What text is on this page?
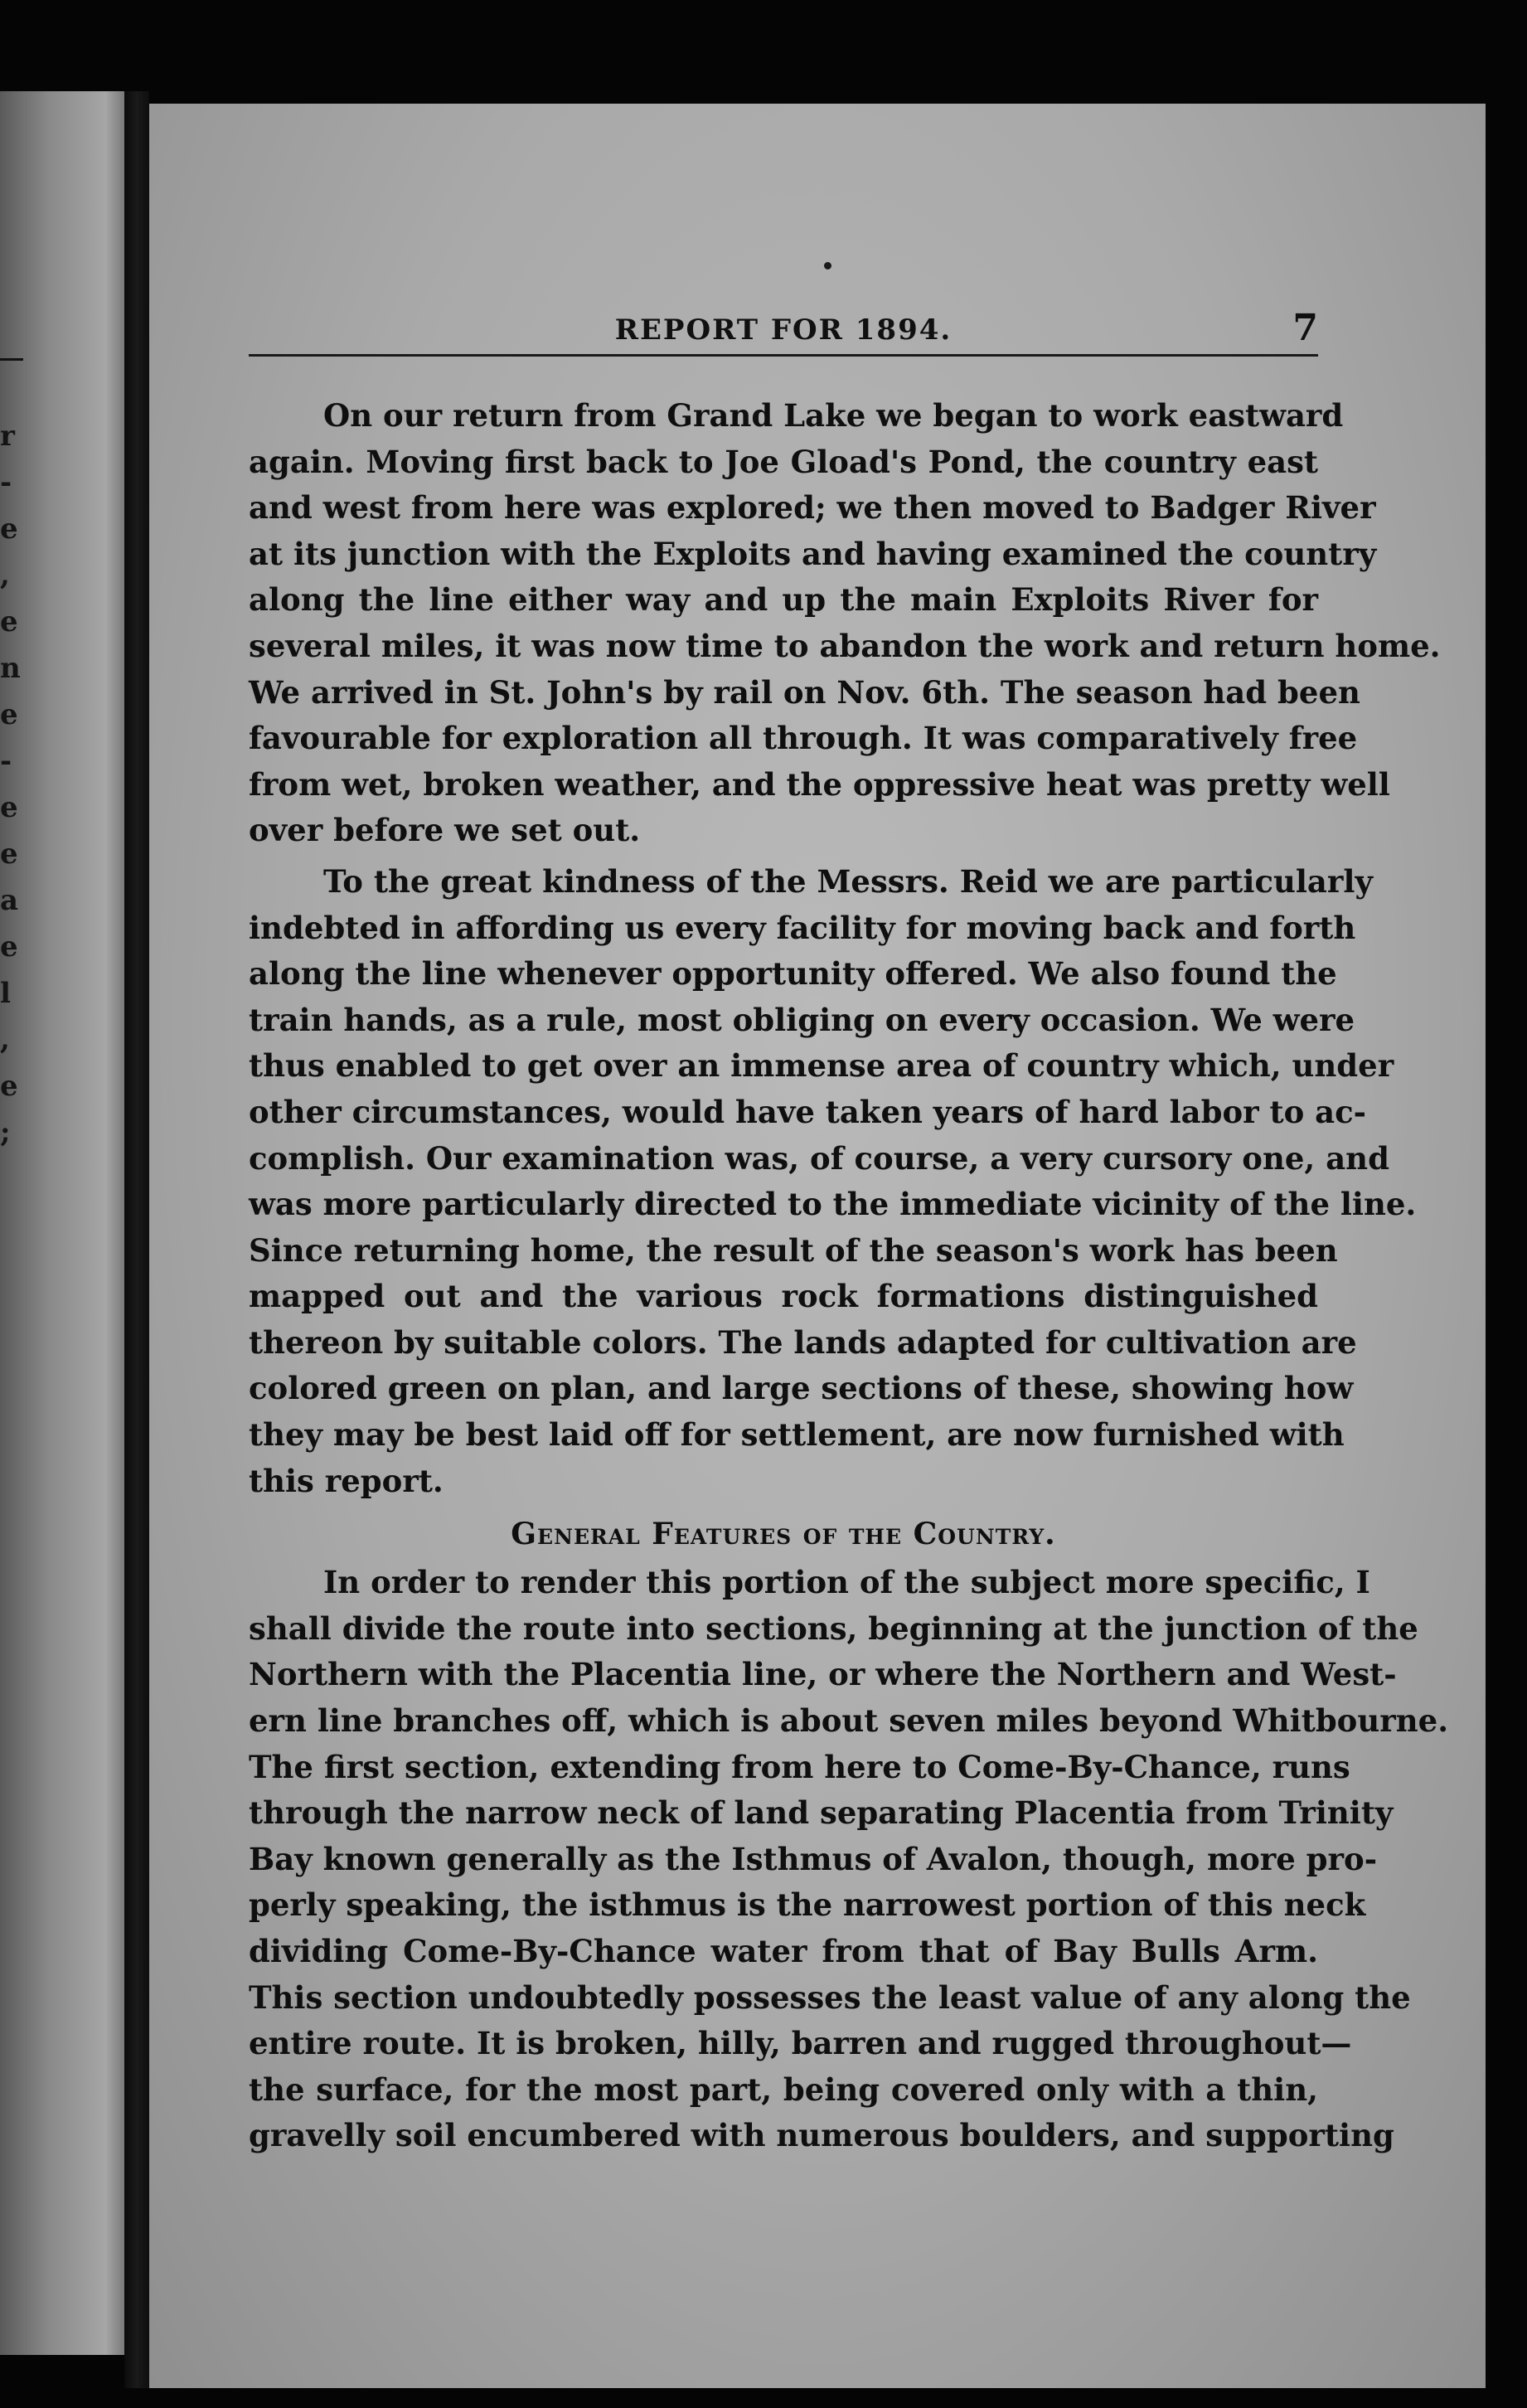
r
-
e
,
e
n
e
-
e
e
a
e
l
,
e
;
REPORT FOR 1894.	7
On our return from Grand Lake we began to work eastward
again. Moving first back to Joe Gload's Pond, the country east
and west from here was explored; we then moved to Badger River
at its junction with the Exploits and having examined the country
along the line either way and up the main Exploits River for
several miles, it was now time to abandon the work and return home.
We arrived in St. John's by rail on Nov. 6th. The season had been
favourable for exploration all through. It was comparatively free
from wet, broken weather, and the oppressive heat was pretty well
over before we set out.
To the great kindness of the Messrs. Reid we are particularly
indebted in affording us every facility for moving back and forth
along the line whenever opportunity offered. We also found the
train hands, as a rule, most obliging on every occasion. We were
thus enabled to get over an immense area of country which, under
other circumstances, would have taken years of hard labor to ac-
complish. Our examination was, of course, a very cursory one, and
was more particularly directed to the immediate vicinity of the line.
Since returning home, the result of the season's work has been
mapped out and the various rock formations distinguished
thereon by suitable colors. The lands adapted for cultivation are
colored green on plan, and large sections of these, showing how
they may be best laid off for settlement, are now furnished with
this report.
General Features of the Country.
In order to render this portion of the subject more specific, I
shall divide the route into sections, beginning at the junction of the
Northern with the Placentia line, or where the Northern and West-
ern line branches off, which is about seven miles beyond Whitbourne.
The first section, extending from here to Come-By-Chance, runs
through the narrow neck of land separating Placentia from Trinity
Bay known generally as the Isthmus of Avalon, though, more pro-
perly speaking, the isthmus is the narrowest portion of this neck
dividing Come-By-Chance water from that of Bay Bulls Arm.
This section undoubtedly possesses the least value of any along the
entire route. It is broken, hilly, barren and rugged throughout—
the surface, for the most part, being covered only with a thin,
gravelly soil encumbered with numerous boulders, and supporting
